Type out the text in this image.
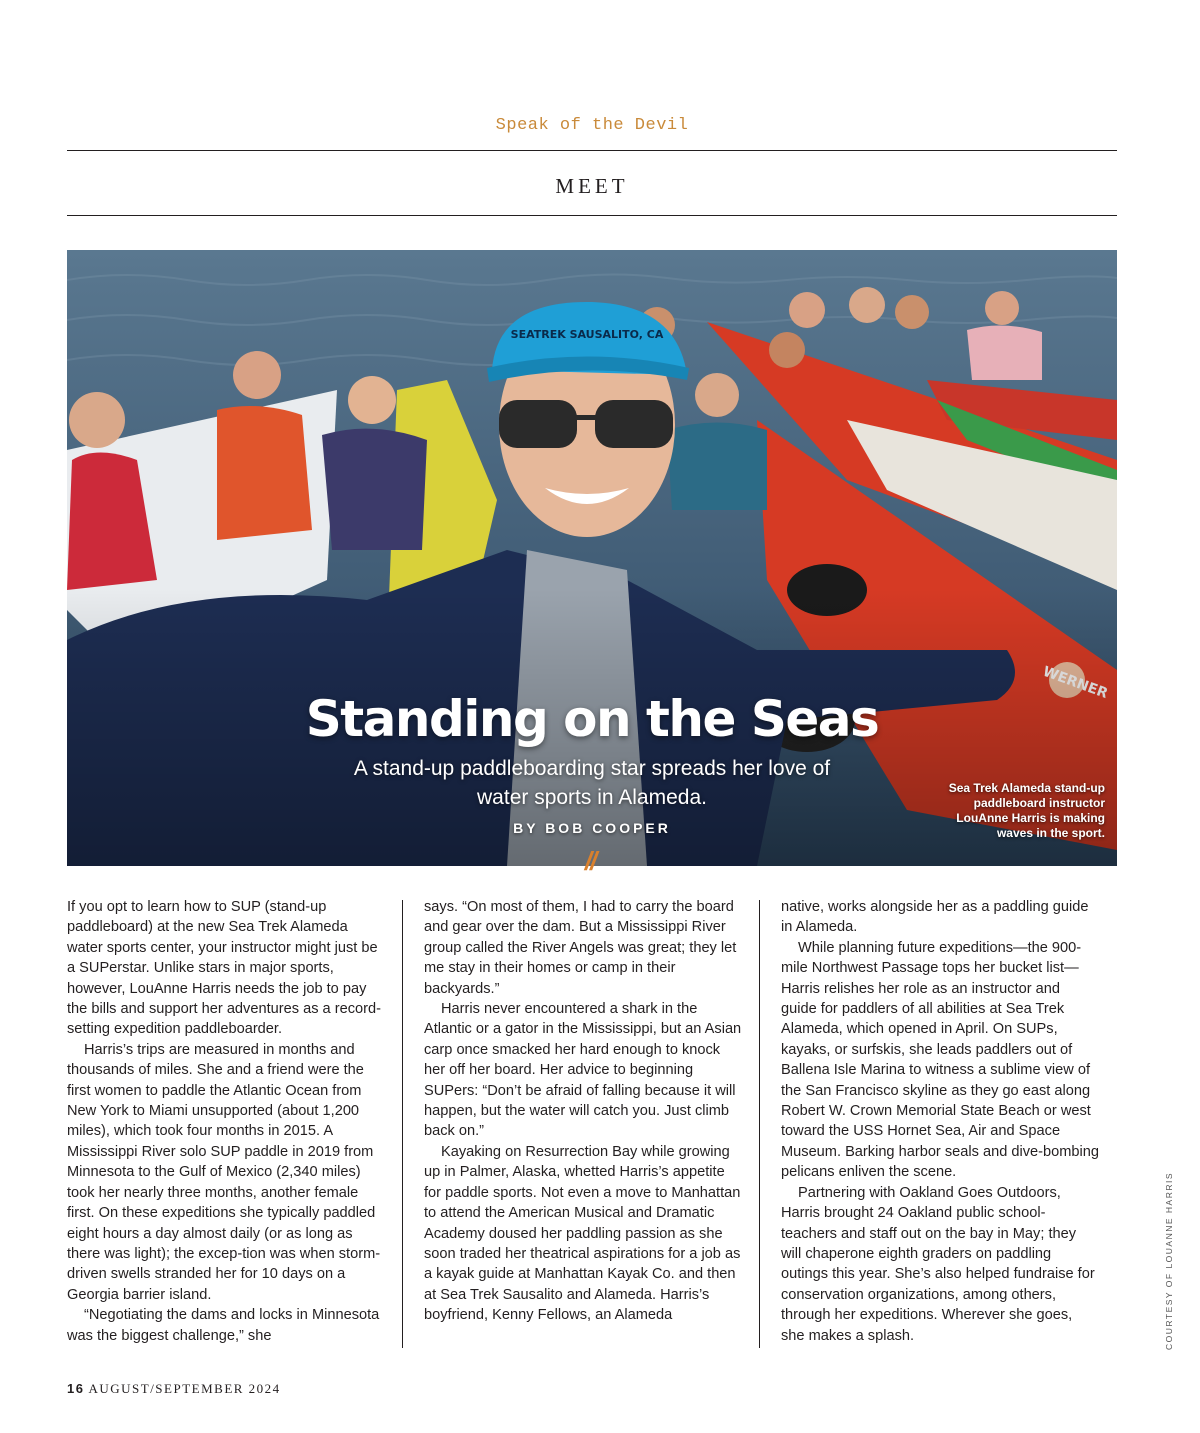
Speak of the Devil
MEET
Standing on the Seas
A stand-up paddleboarding star spreads her love of water sports in Alameda.
BY BOB COOPER
//
Sea Trek Alameda stand-up paddleboard instructor LouAnne Harris is making waves in the sport.

If you opt to learn how to SUP (stand-up paddleboard) at the new Sea Trek Alameda water sports center, your instructor might just be a SUPerstar. Unlike stars in major sports, however, LouAnne Harris needs the job to pay the bills and support her adventures as a record-setting expedition paddleboarder.

Harris’s trips are measured in months and thousands of miles. She and a friend were the first women to paddle the Atlantic Ocean from New York to Miami unsupported (about 1,200 miles), which took four months in 2015. A Mississippi River solo SUP paddle in 2019 from Minnesota to the Gulf of Mexico (2,340 miles) took her nearly three months, another female first. On these expeditions she typically paddled eight hours a day almost daily (or as long as there was light); the excep-tion was when storm-driven swells stranded her for 10 days on a Georgia barrier island.

“Negotiating the dams and locks in Minnesota was the biggest challenge,” she

says. “On most of them, I had to carry the board and gear over the dam. But a Mississippi River group called the River Angels was great; they let me stay in their homes or camp in their backyards.”

Harris never encountered a shark in the Atlantic or a gator in the Mississippi, but an Asian carp once smacked her hard enough to knock her off her board. Her advice to beginning SUPers: “Don’t be afraid of falling because it will happen, but the water will catch you. Just climb back on.”

Kayaking on Resurrection Bay while growing up in Palmer, Alaska, whetted Harris’s appetite for paddle sports. Not even a move to Manhattan to attend the American Musical and Dramatic Academy doused her paddling passion as she soon traded her theatrical aspirations for a job as a kayak guide at Manhattan Kayak Co. and then at Sea Trek Sausalito and Alameda. Harris’s boyfriend, Kenny Fellows, an Alameda

native, works alongside her as a paddling guide in Alameda.

While planning future expeditions—the 900-mile Northwest Passage tops her bucket list—Harris relishes her role as an instructor and guide for paddlers of all abilities at Sea Trek Alameda, which opened in April. On SUPs, kayaks, or surfskis, she leads paddlers out of Ballena Isle Marina to witness a sublime view of the San Francisco skyline as they go east along Robert W. Crown Memorial State Beach or west toward the USS Hornet Sea, Air and Space Museum. Barking harbor seals and dive-bombing pelicans enliven the scene.

Partnering with Oakland Goes Outdoors, Harris brought 24 Oakland public school-teachers and staff out on the bay in May; they will chaperone eighth graders on paddling outings this year. She’s also helped fundraise for conservation organizations, among others, through her expeditions. Wherever she goes, she makes a splash.	COURTESY OF LOUANNE HARRIS
16 AUGUST/SEPTEMBER 2024
